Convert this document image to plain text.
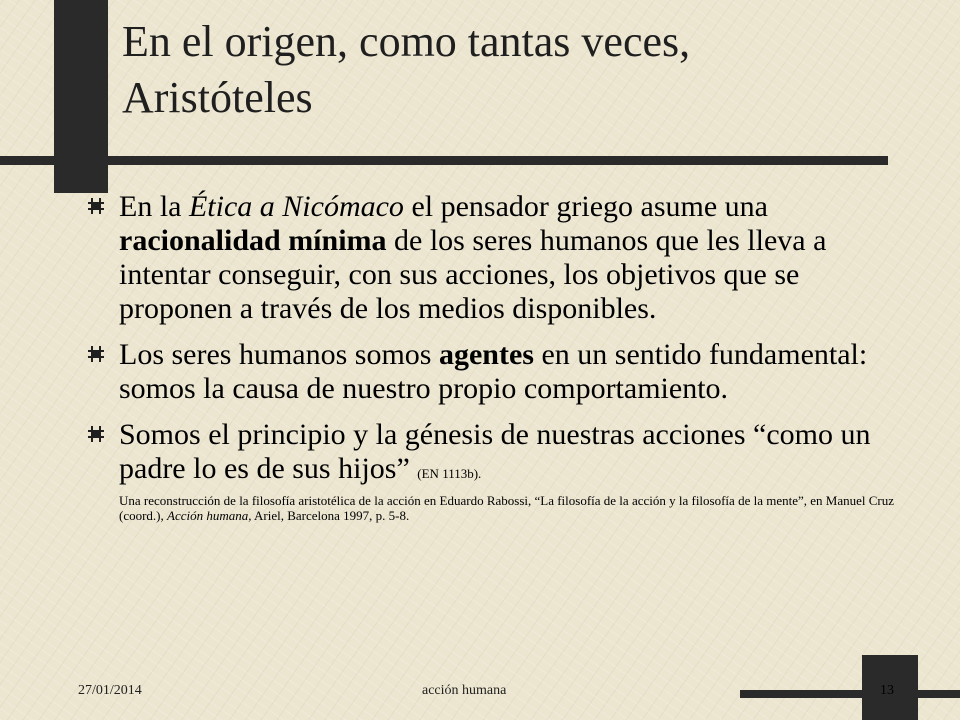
En el origen, como tantas veces,
Aristóteles
En la Ética a Nicómaco el pensador griego asume una racionalidad mínima de los seres humanos que les lleva a intentar conseguir, con sus acciones, los objetivos que se proponen a través de los medios disponibles.
Los seres humanos somos agentes en un sentido fundamental: somos la causa de nuestro propio comportamiento.
Somos el principio y la génesis de nuestras acciones “como un padre lo es de sus hijos” (EN 1113b).
Una reconstrucción de la filosofía aristotélica de la acción en Eduardo Rabossi, “La filosofía de la acción y la filosofía de la mente”, en Manuel Cruz (coord.), Acción humana, Ariel, Barcelona 1997, p. 5-8.
27/01/2014	acción humana	13
